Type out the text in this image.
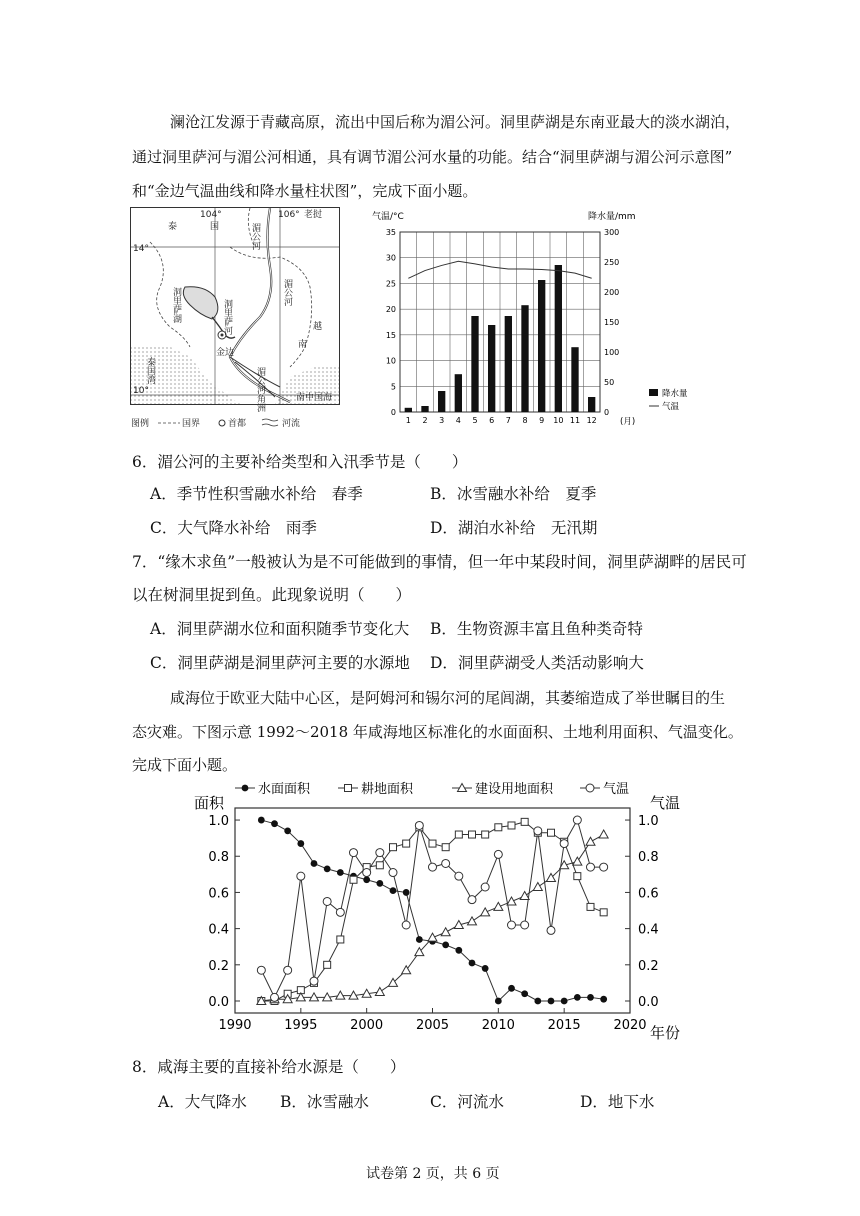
澜沧江发源于青藏高原，流出中国后称为湄公河。洞里萨湖是东南亚最大的淡水湖泊，
通过洞里萨河与湄公河相通，具有调节湄公河水量的功能。结合“洞里萨湖与湄公河示意图”
和“金边气温曲线和降水量柱状图”，完成下面小题。
104°	106° 老挝
14°
10°
泰	国	湄公河
湄公河
洞里萨湖	洞里萨河
金边
越
南
泰国湾	湄公河角洲	南中国海
图例	国界	首都	河流
气温/°C	降水量/mm
0
5
10
15
20
25
30
35
0
50
100
150
200
250
300
1 2 3 4 5 6 7 8 9 10 11 12
降水量
气温
(月)
6．湄公河的主要补给类型和入汛季节是（　　）
A．季节性积雪融水补给　春季	B．冰雪融水补给　夏季
C．大气降水补给　雨季	D．湖泊水补给　无汛期
7．“缘木求鱼”一般被认为是不可能做到的事情，但一年中某段时间，洞里萨湖畔的居民可
以在树洞里捉到鱼。此现象说明（　　）
A．洞里萨湖水位和面积随季节变化大 B．生物资源丰富且鱼种类奇特
C．洞里萨湖是洞里萨河主要的水源地 D．洞里萨湖受人类活动影响大
咸海位于欧亚大陆中心区，是阿姆河和锡尔河的尾闾湖，其萎缩造成了举世瞩目的生
态灾难。下图示意 1992～2018 年咸海地区标准化的水面面积、土地利用面积、气温变化。
完成下面小题。
水面面积	耕地面积	建设用地面积	气温
面积	气温
0.0	0.0
0.2	0.2
0.4	0.4
0.6	0.6
0.8	0.8
1.0	1.0
1990	1995	2000	2005	2010	2015	2020 年份
8．咸海主要的直接补给水源是（　　）
A．大气降水 B．冰雪融水	C．河流水	D．地下水
试卷第 2 页，共 6 页
